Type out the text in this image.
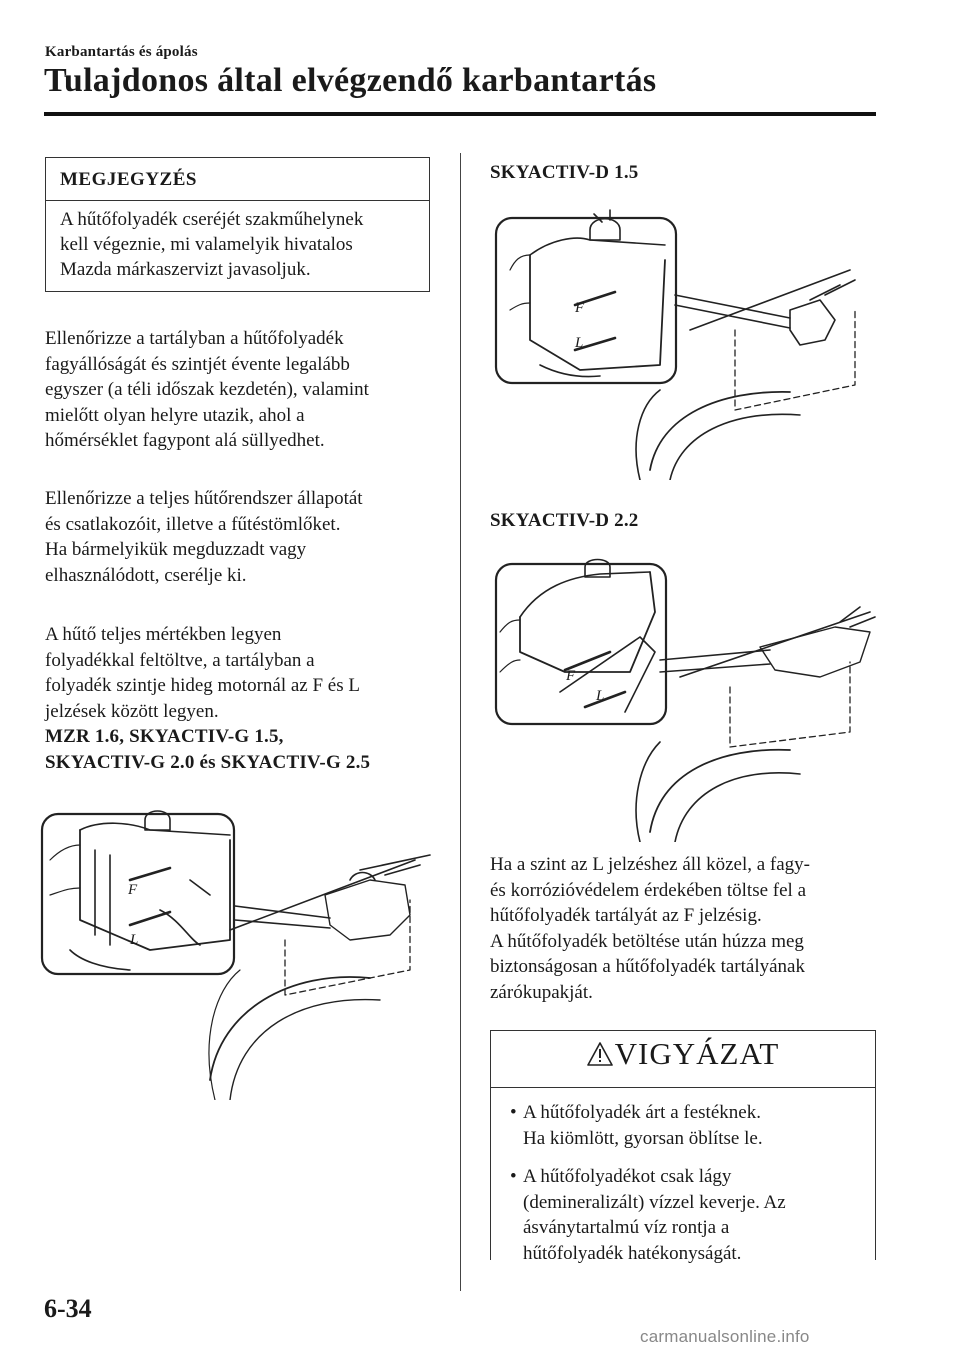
Karbantartás és ápolás
Tulajdonos által elvégzendő karbantartás
MEGJEGYZÉS
A hűtőfolyadék cseréjét szakműhelynek
kell végeznie, mi valamelyik hivatalos
Mazda márkaszervizt javasoljuk.
Ellenőrizze a tartályban a hűtőfolyadék
fagyállóságát és szintjét évente legalább
egyszer (a téli időszak kezdetén), valamint
mielőtt olyan helyre utazik, ahol a
hőmérséklet fagypont alá süllyedhet.
Ellenőrizze a teljes hűtőrendszer állapotát
és csatlakozóit, illetve a fűtéstömlőket.
Ha bármelyikük megduzzadt vagy
elhasználódott, cserélje ki.
A hűtő teljes mértékben legyen
folyadékkal feltöltve, a tartályban a
folyadék szintje hideg motornál az F és L
jelzések között legyen.
MZR 1.6, SKYACTIV-G 1.5,
SKYACTIV-G 2.0 és SKYACTIV-G 2.5
F
L
SKYACTIV-D 1.5
F
L
SKYACTIV-D 2.2
F
L
Ha a szint az L jelzéshez áll közel, a fagy-
és korrózióvédelem érdekében töltse fel a
hűtőfolyadék tartályát az F jelzésig.
A hűtőfolyadék betöltése után húzza meg
biztonságosan a hűtőfolyadék tartályának
zárókupakját.
VIGYÁZAT
• A hűtőfolyadék árt a festéknek.
Ha kiömlött, gyorsan öblítse le.
• A hűtőfolyadékot csak lágy
(demineralizált) vízzel keverje. Az
ásványtartalmú víz rontja a
hűtőfolyadék hatékonyságát.
6-34
carmanualsonline.info
